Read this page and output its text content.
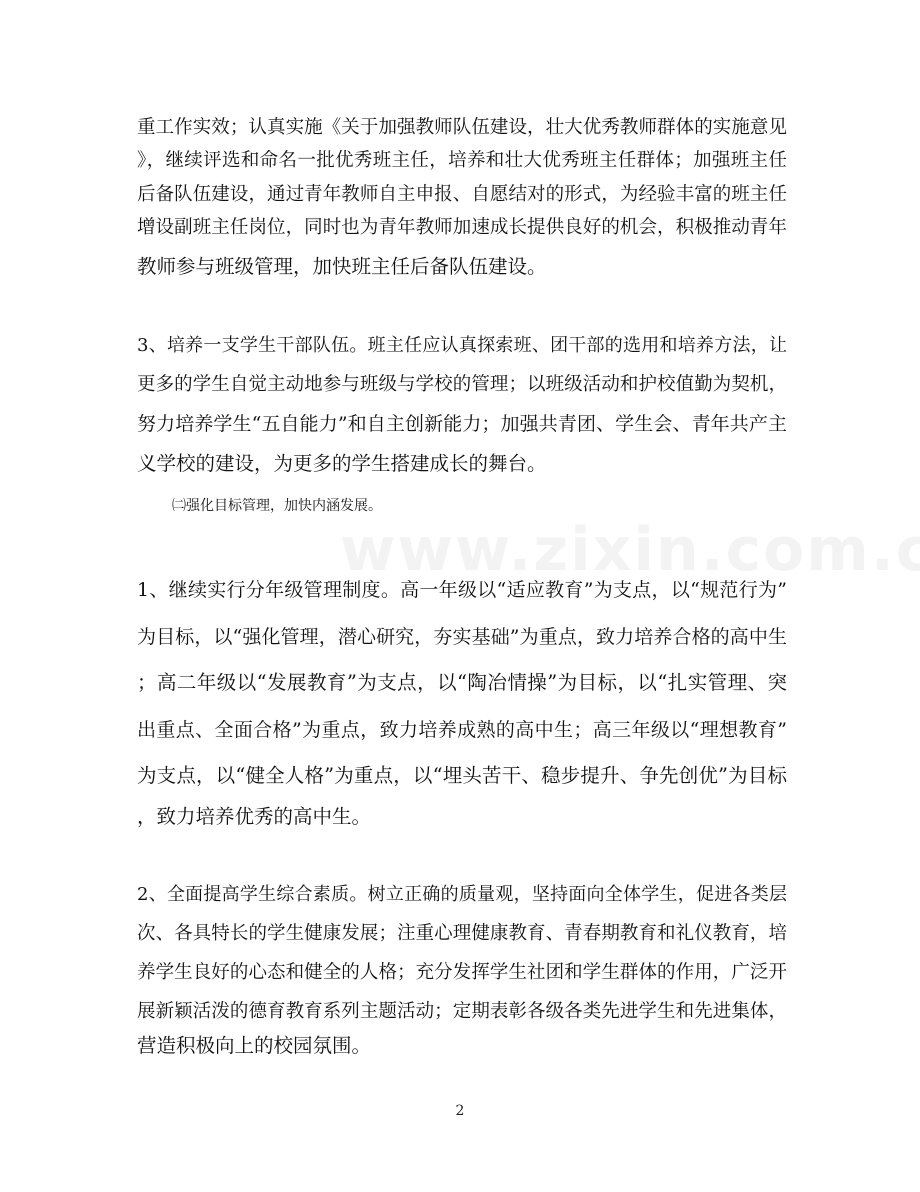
重工作实效；认真实施《关于加强教师队伍建设，壮大优秀教师群体的实施意见
》，继续评选和命名一批优秀班主任，培养和壮大优秀班主任群体；加强班主任
后备队伍建设，通过青年教师自主申报、自愿结对的形式，为经验丰富的班主任
增设副班主任岗位，同时也为青年教师加速成长提供良好的机会，积极推动青年
教师参与班级管理，加快班主任后备队伍建设。
3、培养一支学生干部队伍。班主任应认真探索班、团干部的选用和培养方法，让
更多的学生自觉主动地参与班级与学校的管理；以班级活动和护校值勤为契机，
努力培养学生“五自能力”和自主创新能力；加强共青团、学生会、青年共产主
义学校的建设，为更多的学生搭建成长的舞台。
㈡强化目标管理，加快内涵发展。
1、继续实行分年级管理制度。高一年级以“适应教育”为支点，以“规范行为”
为目标，以“强化管理，潜心研究，夯实基础”为重点，致力培养合格的高中生
；高二年级以“发展教育”为支点，以“陶冶情操”为目标，以“扎实管理、突
出重点、全面合格”为重点，致力培养成熟的高中生；高三年级以“理想教育”
为支点，以“健全人格”为重点，以“埋头苦干、稳步提升、争先创优”为目标
，致力培养优秀的高中生。
2、全面提高学生综合素质。树立正确的质量观，坚持面向全体学生，促进各类层
次、各具特长的学生健康发展；注重心理健康教育、青春期教育和礼仪教育，培
养学生良好的心态和健全的人格；充分发挥学生社团和学生群体的作用，广泛开
展新颖活泼的德育教育系列主题活动；定期表彰各级各类先进学生和先进集体，
营造积极向上的校园氛围。
2
